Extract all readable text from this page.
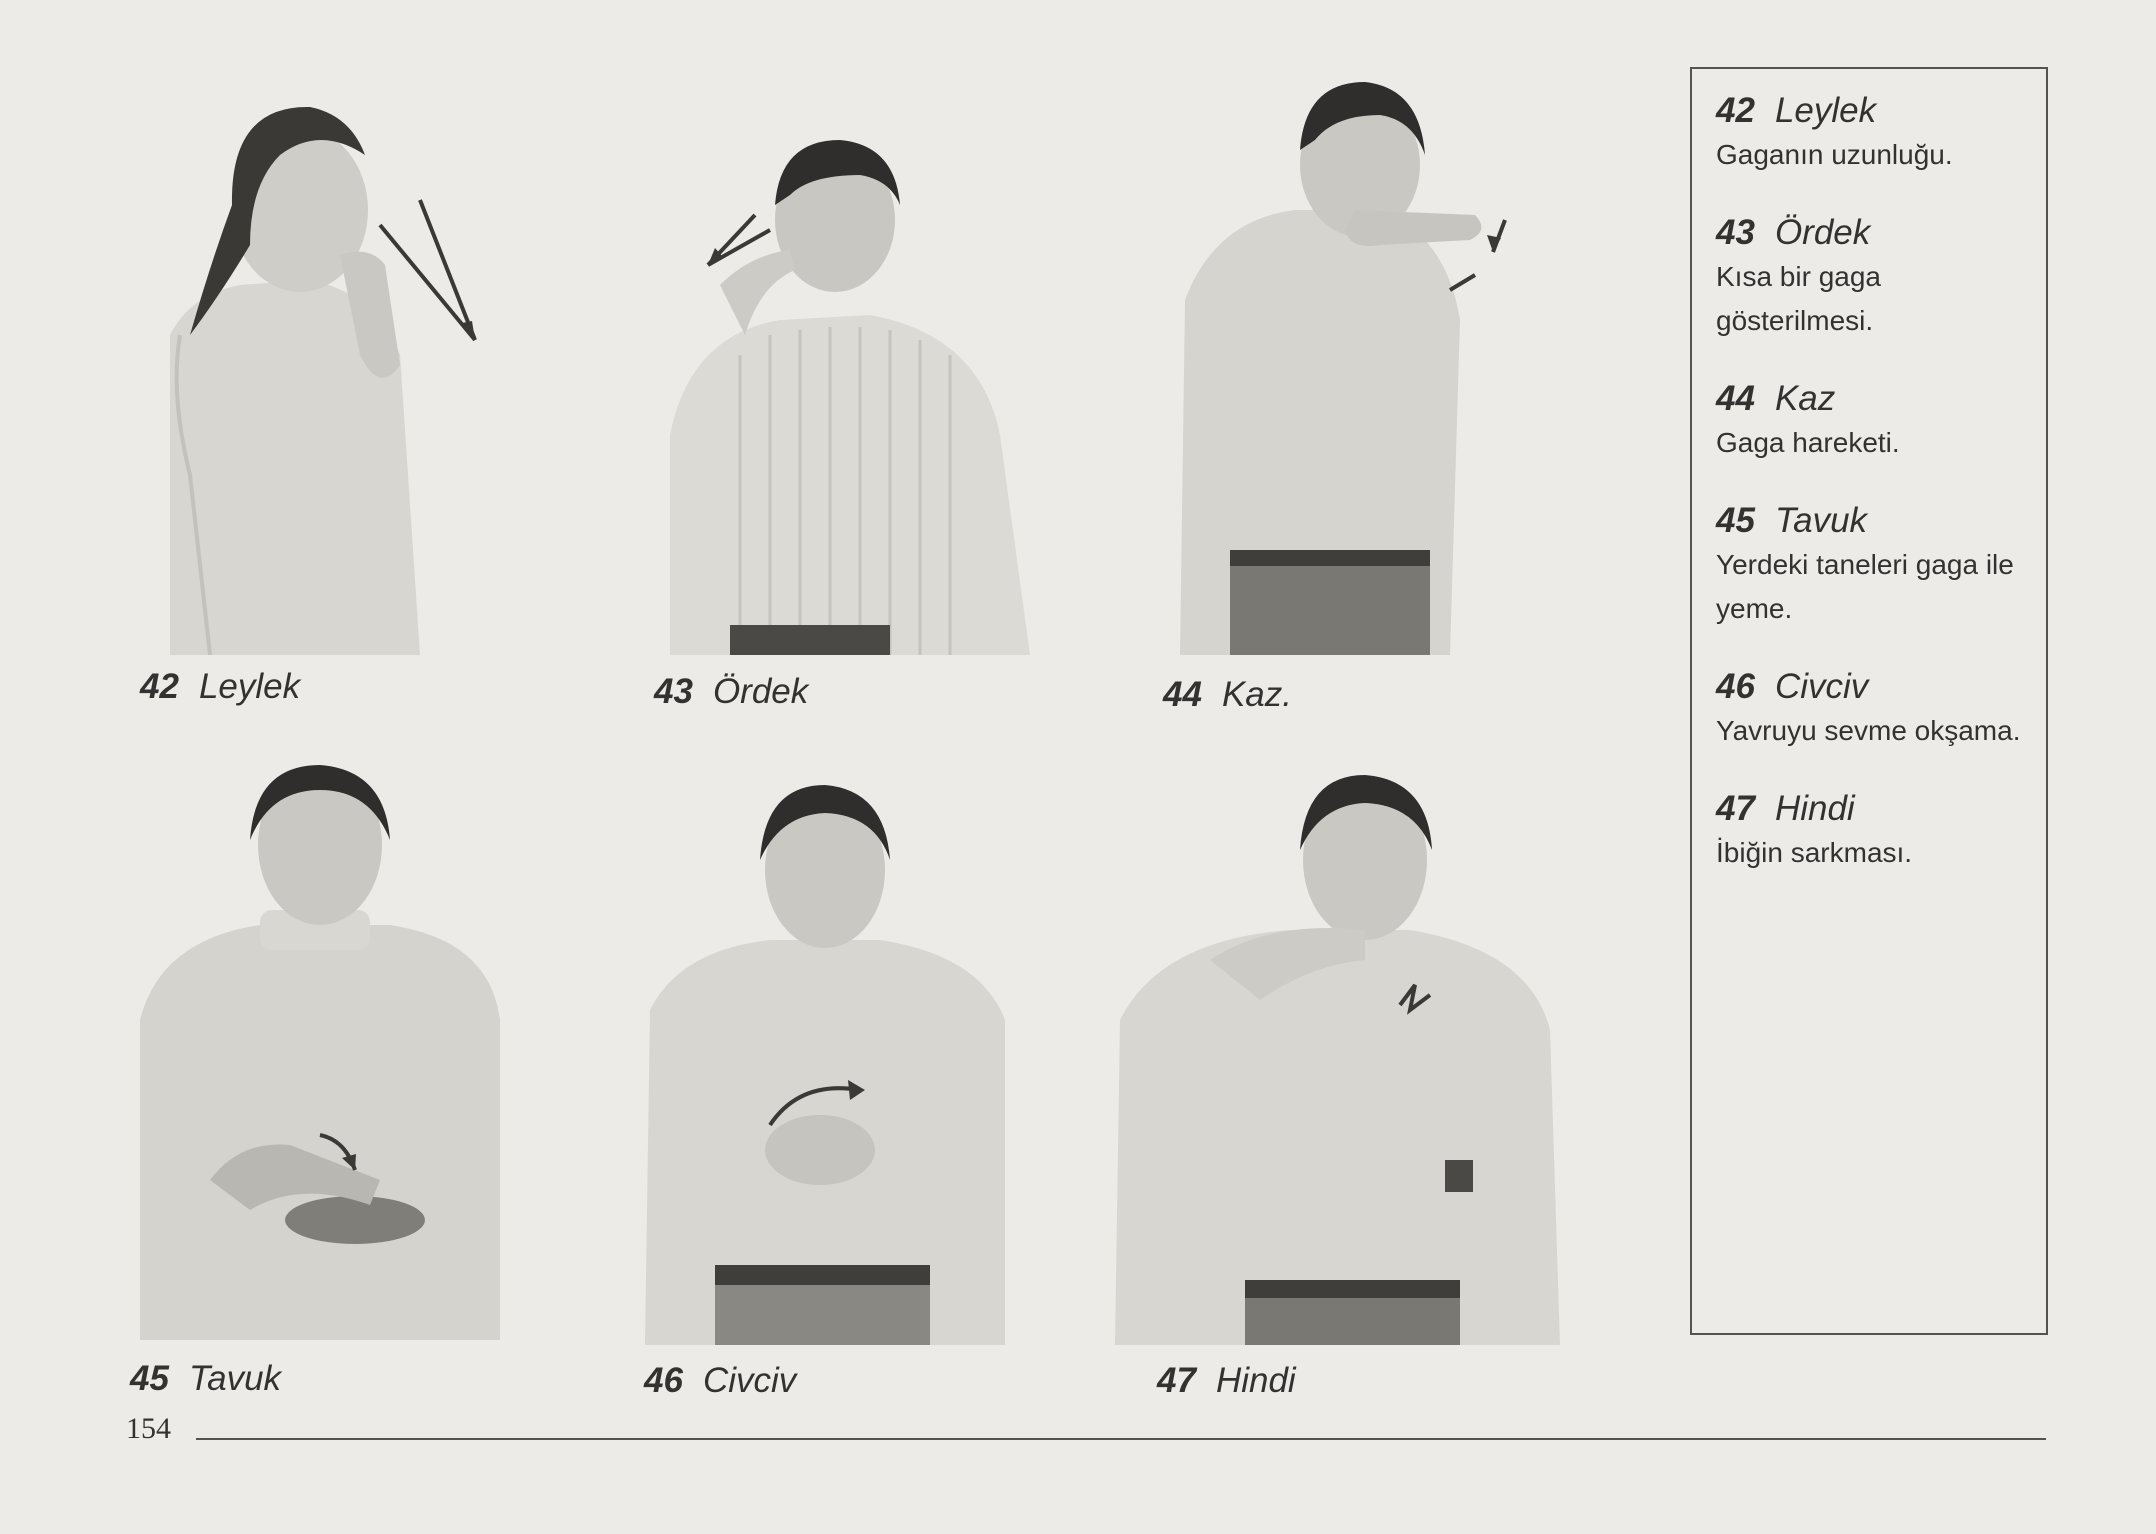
42 Leylek	43 Ördek	44 Kaz.
45 Tavuk	46 Civciv	47 Hindi
42 Leylek
Gaganın uzunluğu.
43 Ördek
Kısa bir gaga gösterilmesi.
44 Kaz
Gaga hareketi.
45 Tavuk
Yerdeki taneleri gaga ile yeme.
46 Civciv
Yavruyu sevme okşama.
47 Hindi
İbiğin sarkması.
154
